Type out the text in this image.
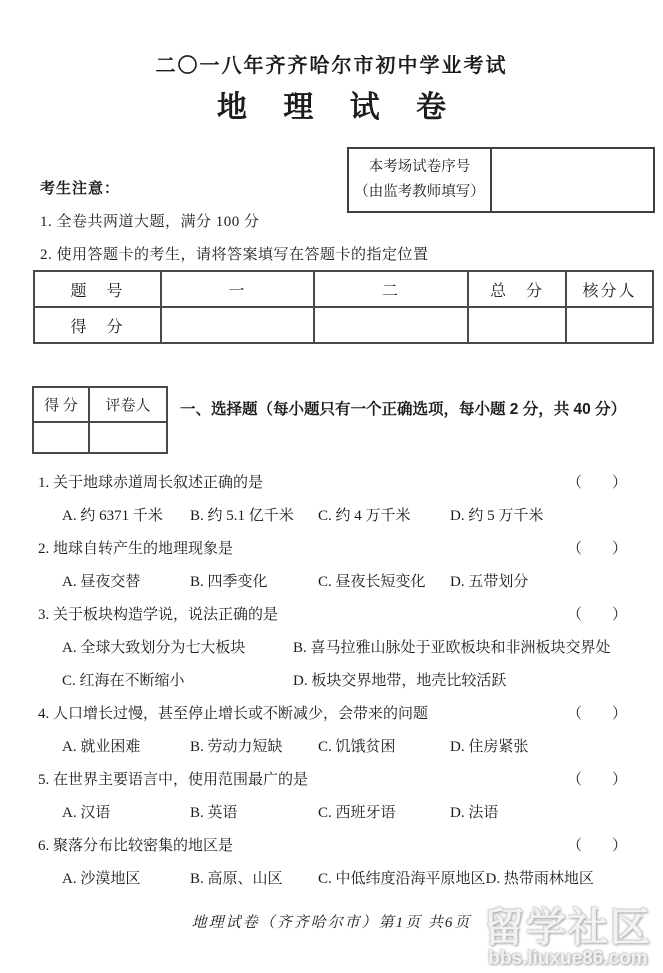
二〇一八年齐齐哈尔市初中学业考试
地 理 试 卷
本考场试卷序号
（由监考教师填写）

考生注意：
1. 全卷共两道大题，满分 100 分
2. 使用答题卡的考生，请将答案填写在答题卡的指定位置
题　号	一	二	总　分	核分人
得　分				
得 分	评卷人
	一、选择题（每小题只有一个正确选项，每小题 2 分，共 40 分）
1. 关于地球赤道周长叙述正确的是	（　　）
A. 约 6371 千米	B. 约 5.1 亿千米	C. 约 4 万千米	D. 约 5 万千米
2. 地球自转产生的地理现象是	（　　）
A. 昼夜交替	B. 四季变化	C. 昼夜长短变化	D. 五带划分
3. 关于板块构造学说，说法正确的是	（　　）
A. 全球大致划分为七大板块	B. 喜马拉雅山脉处于亚欧板块和非洲板块交界处
C. 红海在不断缩小	D. 板块交界地带，地壳比较活跃
4. 人口增长过慢，甚至停止增长或不断减少，会带来的问题	（　　）
A. 就业困难	B. 劳动力短缺	C. 饥饿贫困	D. 住房紧张
5. 在世界主要语言中，使用范围最广的是	（　　）
A. 汉语	B. 英语	C. 西班牙语	D. 法语
6. 聚落分布比较密集的地区是	（　　）
A. 沙漠地区	B. 高原、山区	C. 中低纬度沿海平原地区 D. 热带雨林地区
地理试卷（齐齐哈尔市）第1页 共6页 留学社区
bbs.liuxue86.com
